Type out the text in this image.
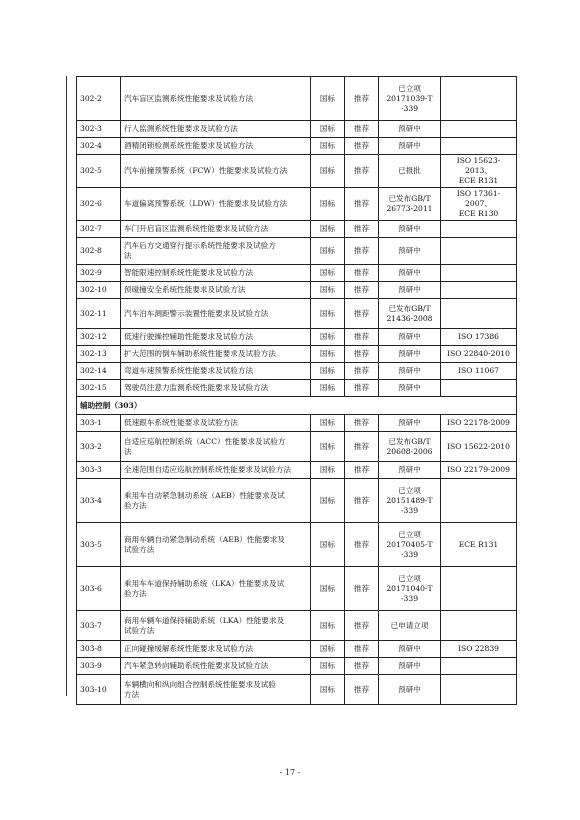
302-2	汽车盲区监测系统性能要求及试验方法	国标	推荐	已立项
20171039-T
-339	
302-3	行人监测系统性能要求及试验方法	国标	推荐	预研中	
302-4	酒精闭锁检测系统性能要求及试验方法	国标	推荐	预研中	
302-5	汽车前撞预警系统（FCW）性能要求及试验方法	国标	推荐	已报批	ISO 15623-2013、
ECE R131
302-6	车道偏离预警系统（LDW）性能要求及试验方法	国标	推荐	已发布GB/T
26773-2011	ISO 17361-2007、
ECE R130
302-7	车门开启盲区监测系统性能要求及试验方法	国标	推荐	预研中	
302-8	汽车后方交通穿行提示系统性能要求及试验方
法	国标	推荐	预研中	
302-9	智能限速控制系统性能要求及试验方法	国标	推荐	预研中	
302-10	预碰撞安全系统性能要求及试验方法	国标	推荐	预研中	
302-11	汽车泊车测距警示装置性能要求及试验方法	国标	推荐	已发布GB/T
21436-2008	
302-12	低速行驶操控辅助性能要求及试验方法	国标	推荐	预研中	ISO 17386
302-13	扩大范围的倒车辅助系统性能要求及试验方法	国标	推荐	预研中	ISO 22840-2010
302-14	弯道车速预警系统性能要求及试验方法	国标	推荐	预研中	ISO 11067
302-15	驾驶员注意力监测系统性能要求及试验方法	国标	推荐	预研中	
辅助控制（303）					
303-1	低速跟车系统性能要求及试验方法	国标	推荐	预研中	ISO 22178-2009
303-2	自适应巡航控制系统（ACC）性能要求及试验方
法	国标	推荐	已发布GB/T
20608-2006	ISO 15622-2010
303-3	全速范围自适应巡航控制系统性能要求及试验方法	国标	推荐	预研中	ISO 22179-2009
303-4	乘用车自动紧急制动系统（AEB）性能要求及试
验方法	国标	推荐	已立项
20151489-T
-339	
303-5	商用车辆自动紧急制动系统（AEB）性能要求及
试验方法	国标	推荐	已立项
20170405-T
-339	ECE R131
303-6	乘用车车道保持辅助系统（LKA）性能要求及试
验方法	国标	推荐	已立项
20171040-T
-339	
303-7	商用车辆车道保持辅助系统（LKA）性能要求及
试验方法	国标	推荐	已申请立项	
303-8	正向碰撞缓解系统性能要求及试验方法	国标	推荐	预研中	ISO 22839
303-9	汽车紧急转向辅助系统性能要求及试验方法	国标	推荐	预研中	
303-10	车辆横向和纵向组合控制系统性能要求及试验
方法	国标	推荐	预研中	
- 17 -
